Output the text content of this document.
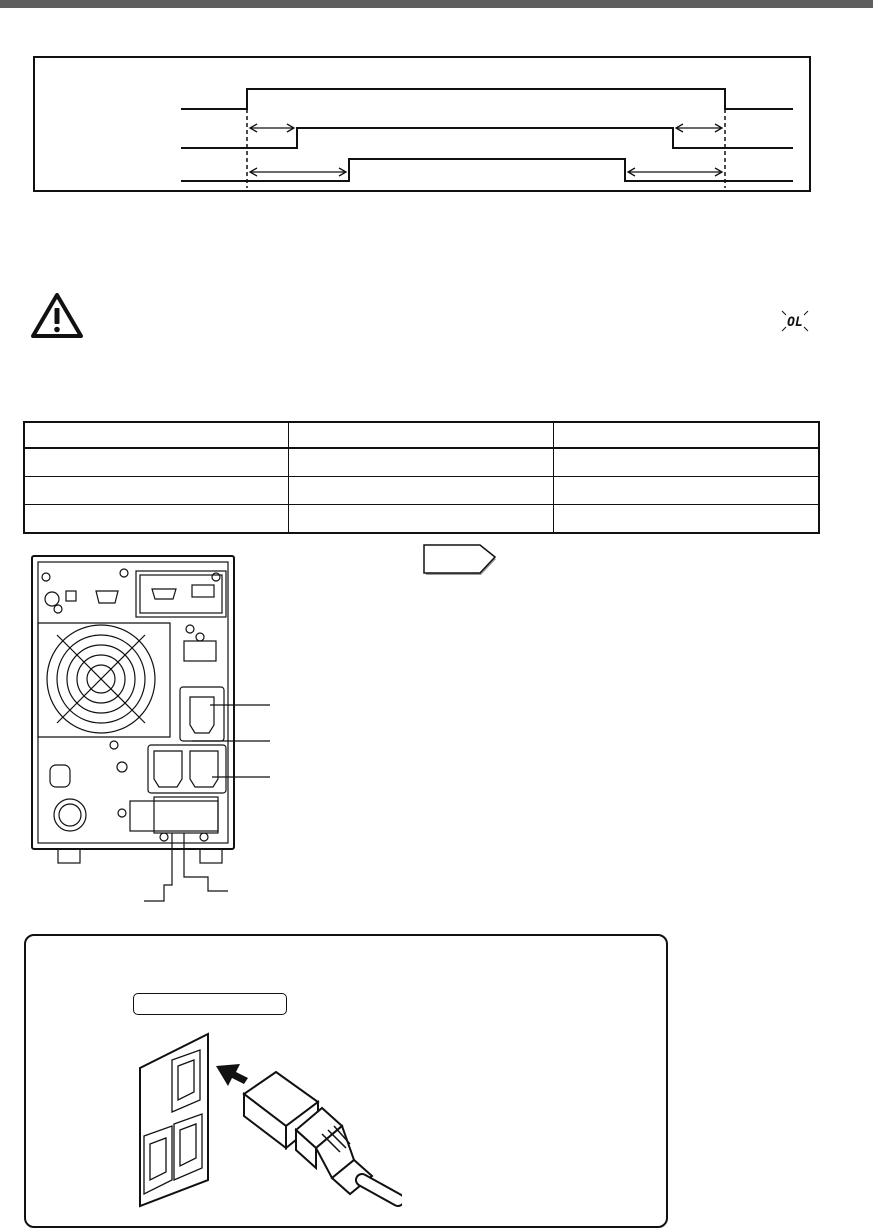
OL
